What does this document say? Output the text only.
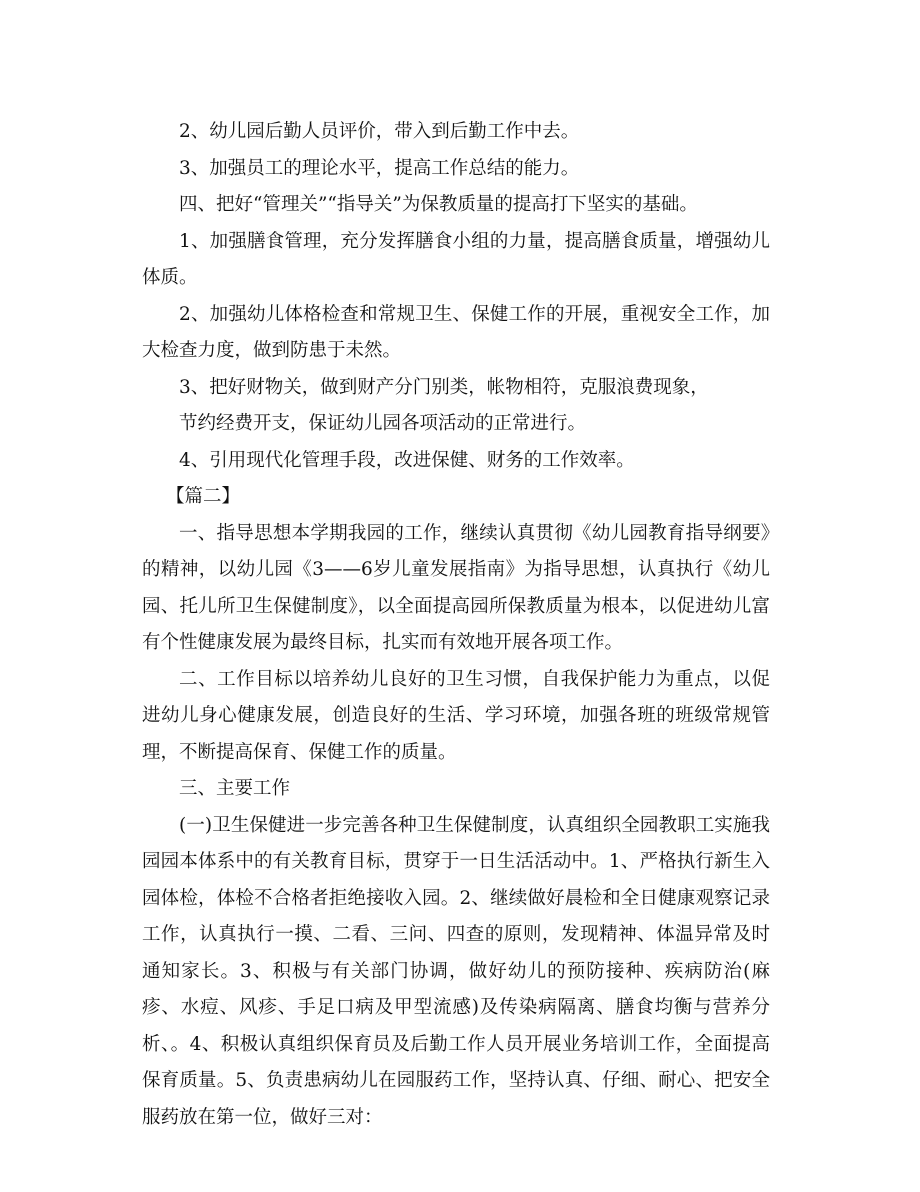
2、幼儿园后勤人员评价，带入到后勤工作中去。

3、加强员工的理论水平，提高工作总结的能力。

四、把好“管理关”“指导关”为保教质量的提高打下坚实的基础。

1、加强膳食管理，充分发挥膳食小组的力量，提高膳食质量，增强幼儿体质。

2、加强幼儿体格检查和常规卫生、保健工作的开展，重视安全工作，加大检查力度，做到防患于未然。

3、把好财物关，做到财产分门别类，帐物相符，克服浪费现象，

节约经费开支，保证幼儿园各项活动的正常进行。

4、引用现代化管理手段，改进保健、财务的工作效率。

【篇二】

一、指导思想本学期我园的工作，继续认真贯彻《幼儿园教育指导纲要》的精神，以幼儿园《3——6岁儿童发展指南》为指导思想，认真执行《幼儿园、托儿所卫生保健制度》，以全面提高园所保教质量为根本，以促进幼儿富有个性健康发展为最终目标，扎实而有效地开展各项工作。

二、工作目标以培养幼儿良好的卫生习惯，自我保护能力为重点，以促进幼儿身心健康发展，创造良好的生活、学习环境，加强各班的班级常规管理，不断提高保育、保健工作的质量。

三、主要工作

(一)卫生保健进一步完善各种卫生保健制度，认真组织全园教职工实施我园园本体系中的有关教育目标，贯穿于一日生活活动中。1、严格执行新生入园体检，体检不合格者拒绝接收入园。2、继续做好晨检和全日健康观察记录工作，认真执行一摸、二看、三问、四查的原则，发现精神、体温异常及时通知家长。3、积极与有关部门协调，做好幼儿的预防接种、疾病防治(麻疹、水痘、风疹、手足口病及甲型流感)及传染病隔离、膳食均衡与营养分析、。4、积极认真组织保育员及后勤工作人员开展业务培训工作，全面提高保育质量。5、负责患病幼儿在园服药工作，坚持认真、仔细、耐心、把安全服药放在第一位，做好三对：
